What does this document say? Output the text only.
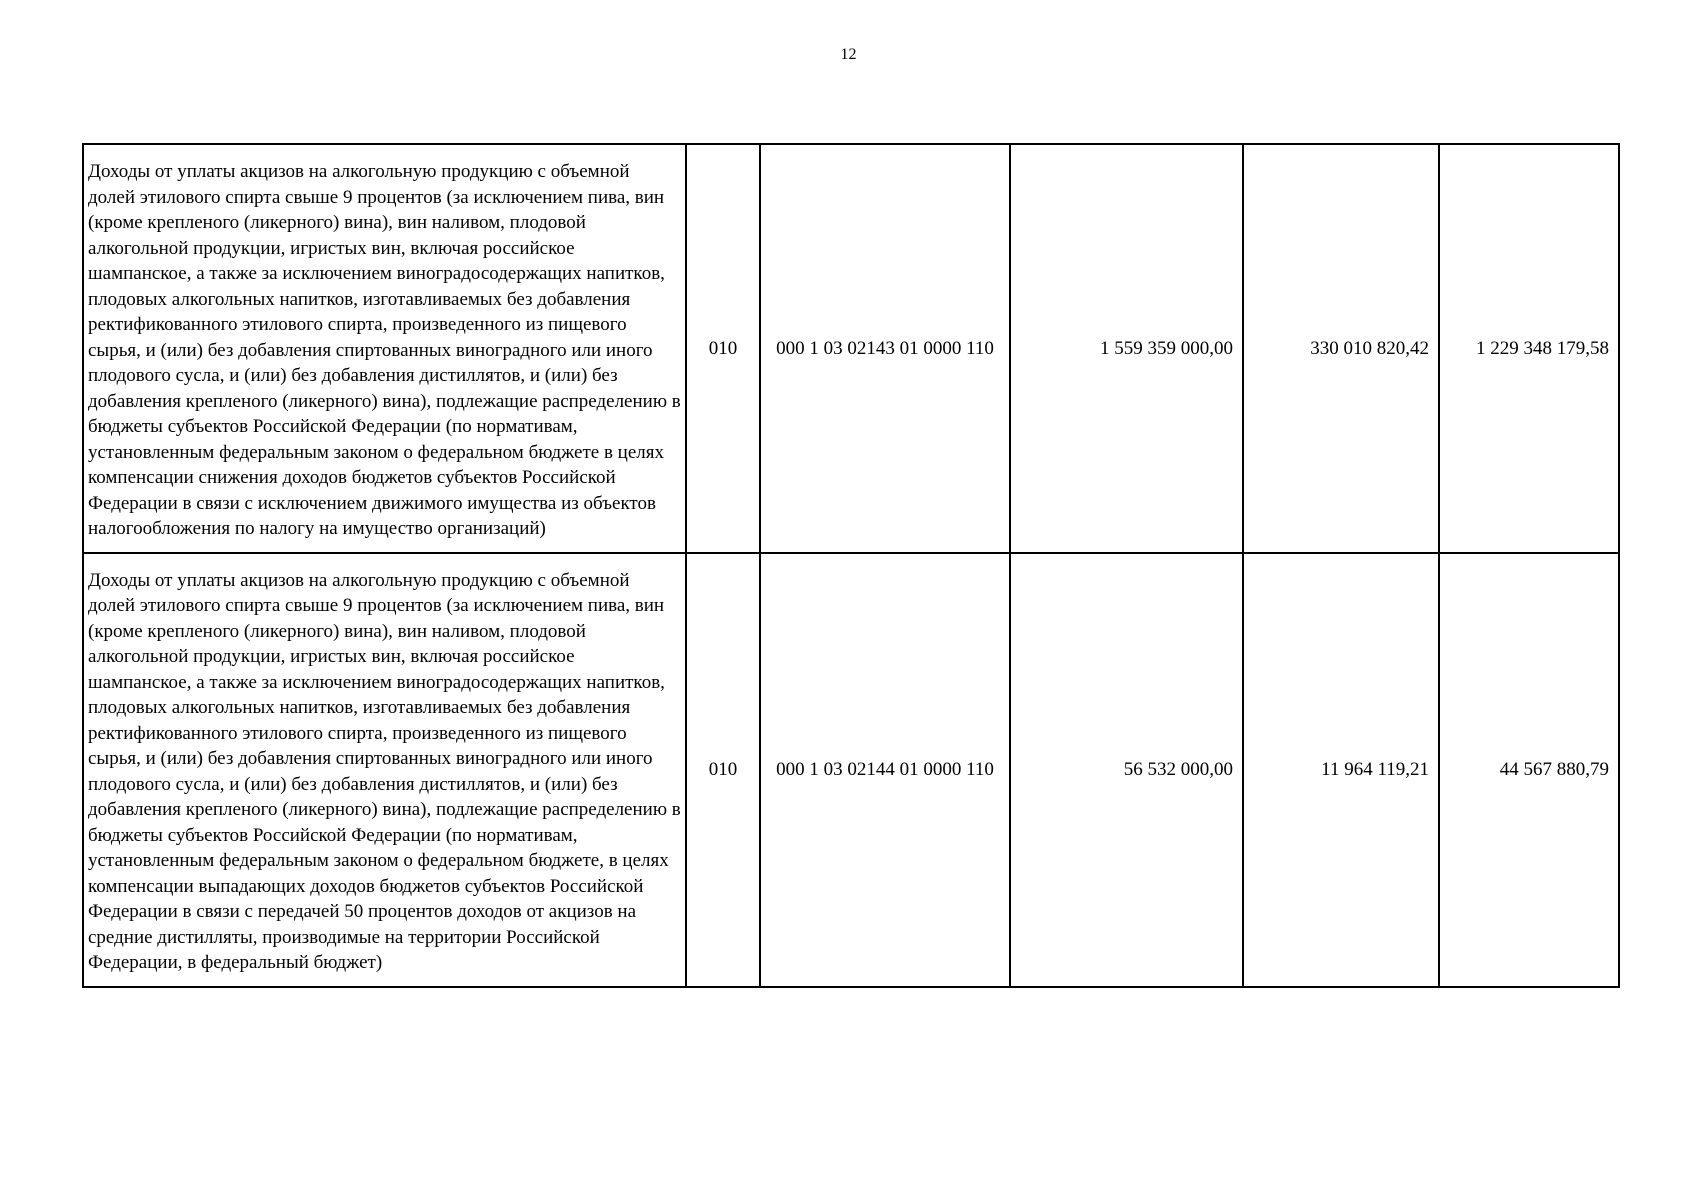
12
Доходы от уплаты акцизов на алкогольную продукцию с объемной долей этилового спирта свыше 9 процентов (за исключением пива, вин (кроме крепленого (ликерного) вина), вин наливом, плодовой алкогольной продукции, игристых вин, включая российское шампанское, а также за исключением виноградосодержащих напитков, плодовых алкогольных напитков, изготавливаемых без добавления ректификованного этилового спирта, произведенного из пищевого сырья, и (или) без добавления спиртованных виноградного или иного плодового сусла, и (или) без добавления дистиллятов, и (или) без добавления крепленого (ликерного) вина), подлежащие распределению в бюджеты субъектов Российской Федерации (по нормативам, установленным федеральным законом о федеральном бюджете в целях компенсации снижения доходов бюджетов субъектов Российской Федерации в связи с исключением движимого имущества из объектов налогообложения по налогу на имущество организаций)	010	000 1 03 02143 01 0000 110	1 559 359 000,00	330 010 820,42	1 229 348 179,58
Доходы от уплаты акцизов на алкогольную продукцию с объемной долей этилового спирта свыше 9 процентов (за исключением пива, вин (кроме крепленого (ликерного) вина), вин наливом, плодовой алкогольной продукции, игристых вин, включая российское шампанское, а также за исключением виноградосодержащих напитков, плодовых алкогольных напитков, изготавливаемых без добавления ректификованного этилового спирта, произведенного из пищевого сырья, и (или) без добавления спиртованных виноградного или иного плодового сусла, и (или) без добавления дистиллятов, и (или) без добавления крепленого (ликерного) вина), подлежащие распределению в бюджеты субъектов Российской Федерации (по нормативам, установленным федеральным законом о федеральном бюджете, в целях компенсации выпадающих доходов бюджетов субъектов Российской Федерации в связи с передачей 50 процентов доходов от акцизов на средние дистилляты, производимые на территории Российской Федерации, в федеральный бюджет)	010	000 1 03 02144 01 0000 110	56 532 000,00	11 964 119,21	44 567 880,79
